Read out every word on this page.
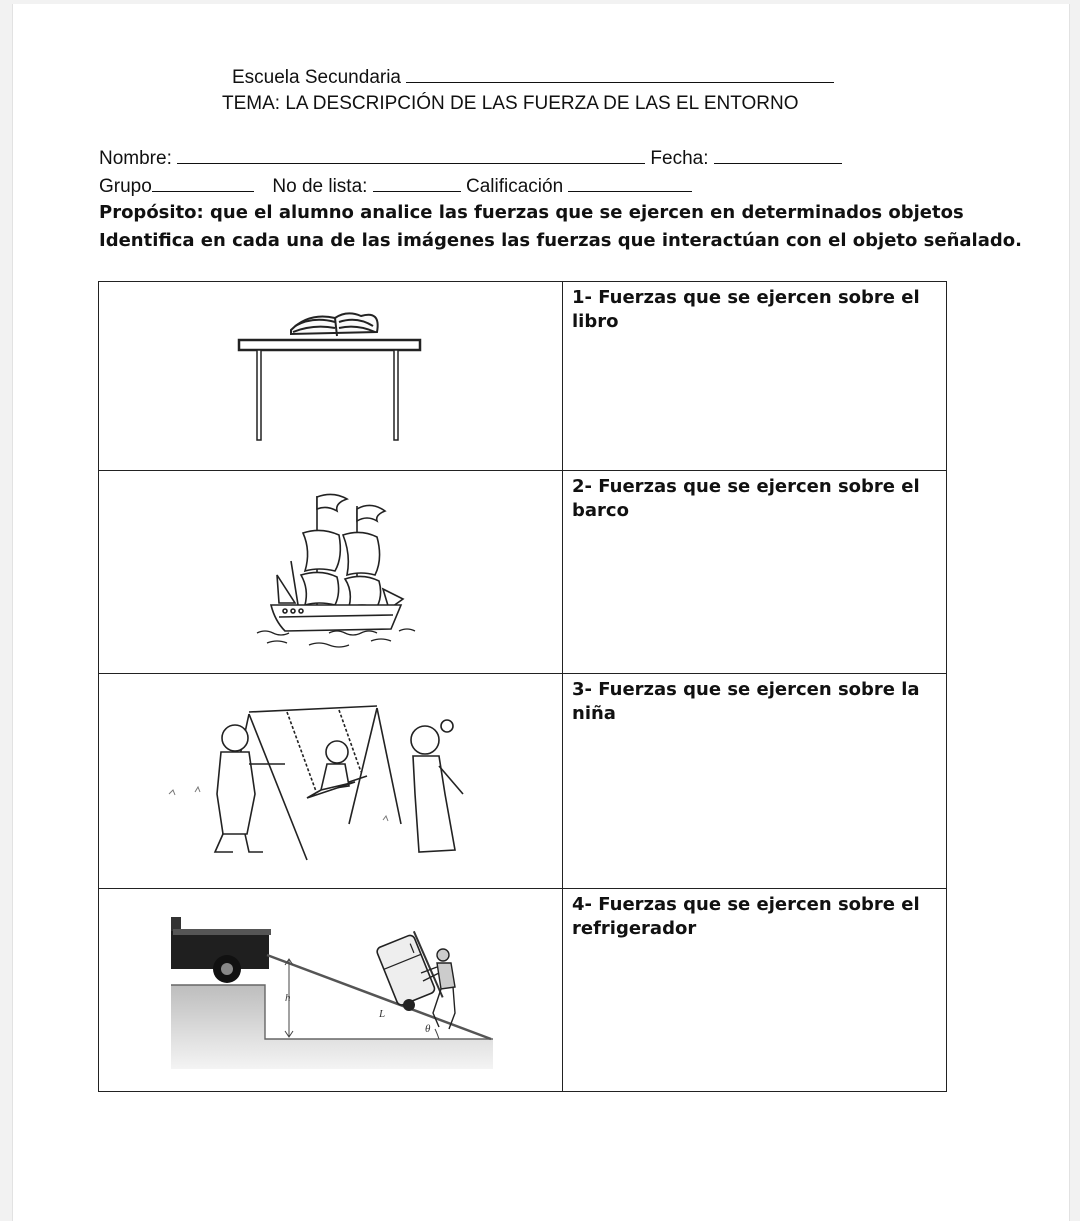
Escuela Secundaria
TEMA: LA DESCRIPCIÓN DE LAS FUERZA DE LAS EL ENTORNO
Nombre:	Fecha:
Grupo	No de lista:	Calificación
Propósito: que el alumno analice las fuerzas que se ejercen en determinados objetos
Identifica en cada una de las imágenes las fuerzas que interactúan con el objeto señalado.
	1- Fuerzas que se ejercen sobre el libro

	2- Fuerzas que se ejercen sobre el barco

	3- Fuerzas que se ejercen sobre la niña

h
L
θ	4- Fuerzas que se ejercen sobre el refrigerador
